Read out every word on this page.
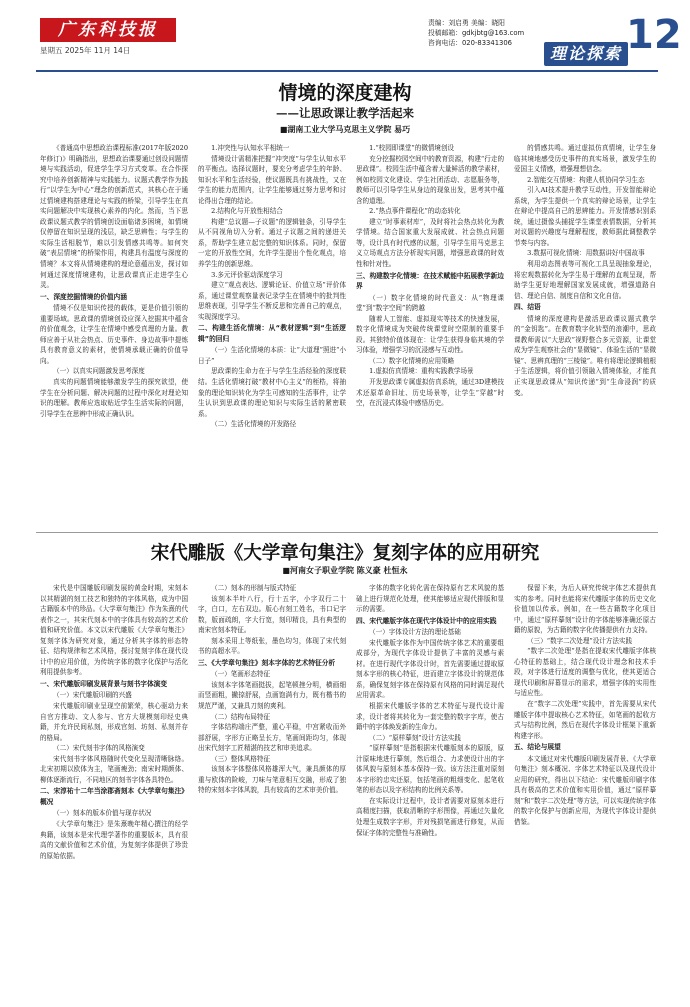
广东科技报
星期五 2025年 11月 14日
责编：刘启勇 美编：晓阳
投稿邮箱：gdkjbtg@163.com
咨询电话：020-83341306
理论探索 12
情境的深度建构
——让思政课让教学活起来
■湖南工业大学马克思主义学院 易巧

《普通高中思想政治课程标准(2017年版2020年修订)》明确指出，思想政治课要通过创设问题情境与实践活动，促进学生学习方式变革。在合作探究中培养创新精神与实践能力。议题式教学作为践行“以学生为中心”理念的创新范式，其核心在于通过情境建构搭建理论与实践的桥梁，引导学生在真实问题解决中实现核心素养的内化。然而，当下思政课议题式教学的情境创设面临诸多困境，如情境仅停留在知识呈现的浅层，缺乏思辨性；与学生的实际生活相脱节，难以引发情感共鸣等。如何突破“表层情境”的桥梁作用，构建具有温度与深度的情境？本文将从情境建构的理论意蕴出发，探讨如何通过深度情境建构，让思政课真正走进学生心灵。

一、深度挖掘情境的价值内涵

情境不仅是知识传授的载体，更是价值引领的重要场域。思政课的情境创设应深入挖掘其中蕴含的价值观念，让学生在情境中感受真理的力量。教师应善于从社会热点、历史事件、身边故事中提炼具有教育意义的素材，使情境承载正确的价值导向。

（一）以真实问题激发思考深度

真实的问题情境能够激发学生的探究欲望，使学生在分析问题、解决问题的过程中深化对理论知识的理解。教师应选取贴近学生生活实际的问题，引导学生在思辨中形成正确认识。

1.冲突性与认知水平相统一

情境设计需精准把握“冲突度”与学生认知水平的平衡点。选择议题时，要充分考虑学生的年龄、知识水平和生活经验，使议题既具有挑战性，又在学生的能力范围内，让学生能够通过努力思考和讨论得出合理的结论。

2.结构化与开放性相结合

构建“总议题—子议题”的逻辑链条，引导学生从不同视角切入分析。通过子议题之间的递进关系，帮助学生建立起完整的知识体系。同时，保留一定的开放性空间，允许学生提出个性化观点，培养学生的创新思维。

3.多元评价驱动深度学习

建立“观点表达、逻辑论证、价值立场”评价体系，通过课堂观察量表记录学生在情境中的批判性思维表现，引导学生不断反思和完善自己的观点，实现深度学习。

二、构建生活化情境：从“教材逻辑”到“生活逻辑”的回归

（一）生活化情境的本质：让“大道理”照进“小日子”

思政课的生命力在于与学生生活经验的深度联结。生活化情境打破“教材中心主义”的桎梏，将抽象的理论知识转化为学生可感知的生活事件，让学生认识到思政课的理论知识与实际生活的紧密联系。

（二）生活化情境的开发路径

1.“校园即课堂”的微情境创设

充分挖掘校园空间中的教育资源，构建“行走的思政课”。校园生活中蕴含着大量鲜活的教学素材，例如校园文化建设、学生社团活动、志愿服务等，教师可以引导学生从身边的现象出发，思考其中蕴含的道理。

2.“热点事件课程化”的动态转化

建立“时事素材库”，及时将社会热点转化为教学情境。结合国家重大发展成就、社会热点问题等，设计具有时代感的议题，引导学生用马克思主义立场观点方法分析现实问题，增强思政课的时效性和针对性。

三、构建数字化情境：在技术赋能中拓展教学新边界

（一）数字化情境的时代意义：从“物理课堂”到“数字空间”的跨越

随着人工智能、虚拟现实等技术的快速发展，数字化情境成为突破传统课堂时空限制的重要手段。其独特价值体现在：让学生获得身临其境的学习体验，增强学习的沉浸感与互动性。

（二）数字化情境的应用策略

1.虚拟仿真情境：重构实践教学场景

开发思政课专属虚拟仿真系统，通过3D建模技术还原革命旧址、历史场景等，让学生“穿越”时空，在沉浸式体验中感悟历史。

的情感共鸣。通过虚拟仿真情境，让学生身临其境地感受历史事件的真实场景，激发学生的爱国主义情感，增强理想信念。

2.智能交互情境：构建人机协同学习生态

引入AI技术提升教学互动性，开发智能辩论系统，为学生提供一个真实的辩论场景，让学生在辩论中提高自己的思辨能力。开发情感识别系统，通过摄像头捕捉学生课堂表情数据，分析其对议题的兴趣度与理解程度，教师据此调整教学节奏与内容。

3.数据可视化情境：用数据讲好中国故事

利用动态图表等可视化工具呈现抽象理论，将宏观数据转化为学生易于理解的直观呈现，帮助学生更好地理解国家发展成就，增强道路自信、理论自信、制度自信和文化自信。

四、结语

情境的深度建构是激活思政课议题式教学的“金钥匙”。在教育数字化转型的浪潮中，思政课教师需以“大思政”视野整合多元资源，让课堂成为学生观察社会的“显微镜”、体验生活的“显微镜”、思辨真理的“三棱镜”。唯有将理论逻辑植根于生活逻辑，将价值引领融入情境体验，才能真正实现思政课从“知识传递”到“生命浸润”的质变。

宋代雕版《大学章句集注》复刻字体的应用研究
■河南女子职业学院 陈义豪 杜恒永

宋代是中国雕版印刷发展的黄金时期，宋刻本以其精湛的刻工技艺和独特的字体风格，成为中国古籍版本中的珍品。《大学章句集注》作为朱熹的代表作之一，其宋代刻本中的字体具有较高的艺术价值和研究价值。本文以宋代雕版《大学章句集注》复刻字体为研究对象，通过分析其字体的形态特征、结构规律和艺术风格，探讨复刻字体在现代设计中的应用价值，为传统字体的数字化保护与活化利用提供参考。

一、宋代雕版印刷发展背景与刻书字体演变

（一）宋代雕版印刷的兴盛

宋代雕版印刷业呈现空前繁荣，核心驱动力来自官方推动、文人参与、官方大规模刻印经史典籍，并允许民间私刻，形成官刻、坊刻、私刻并存的格局。

（二）宋代刻书字体的风格演变

宋代刻书字体风格随时代变化呈现清晰脉络。北宋初期以欧体为主，笔画瘦劲；南宋时期颜体、柳体逐渐流行，不同地区的刻书字体各具特色。

二、宋淳祐十二年当涂郡斋刻本《大学章句集注》概况

（一）刻本的版本价值与现存状况

《大学章句集注》是朱熹晚年精心撰注的经学典籍，该刻本是宋代理学著作的重要版本，具有很高的文献价值和艺术价值，为复刻字体提供了珍贵的原始依据。

（二）刻本的形制与版式特征

该刻本半叶八行，行十五字，小字双行二十字，白口，左右双边。版心有刻工姓名，书口记字数，版面疏朗，字大行宽，刻印精良，具有典型的南宋官刻本特征。

刻本采用上等纸张，墨色均匀，体现了宋代刻书的高超水平。

三、《大学章句集注》刻本字体的艺术特征分析

（一）笔画形态特征

该刻本字体笔画挺拔，起笔顿挫分明，横画细而竖画粗，撇捺舒展，点画饱满有力，既有楷书的规范严谨，又兼具刀刻的爽利。

（二）结构布局特征

字体结构端庄严整，重心平稳，中宫紧收而外部舒展，字形方正略呈长方，笔画间距均匀，体现出宋代刻字工匠精湛的技艺和审美追求。

（三）整体风格特征

该刻本字体整体风格雄浑大气，兼具颜体的厚重与欧体的险峻，刀味与笔意相互交融，形成了独特的宋刻本字体风貌，具有较高的艺术审美价值。

字体的数字化转化需在保持原有艺术风貌的基础上进行规范化处理，使其能够适应现代排版和显示的需要。

四、宋代雕版字体在现代字体设计中的应用实践

（一）字体设计方法的理论基础

宋代雕版字体作为中国传统字体艺术的重要组成部分，为现代字体设计提供了丰富的灵感与素材。在进行现代字体设计时，首先需要通过提取原刻本字形的核心特征，进而建立字体设计的规范体系，确保复刻字体在保持原有风格的同时满足现代应用需求。

根据宋代雕版字体的艺术特征与现代设计需求，设计者将其转化为一套完整的数字字库，使古籍中的字体焕发新的生命力。

（二）“原样摹刻”设计方法实践

“原样摹刻”是指根据宋代雕版刻本的原版，原汁原味地进行摹刻，然后组合、力求使设计出的字体风貌与原刻本基本保持一致。该方法注重对原刻本字形的忠实还原，包括笔画的粗细变化、起笔收笔的形态以及字形结构的比例关系等。

在实际设计过程中，设计者需要对原刻本进行高精度扫描，获取清晰的字形图像，再通过矢量化处理生成数字字形，并对残损笔画进行修复，从而保证字体的完整性与准确性。

保留下来，为后人研究传统字体艺术提供真实的参考。同时也能将宋代雕版字体的历史文化价值加以传承。例如，在一些古籍数字化项目中，通过“原样摹刻”设计的字体能够准确还原古籍的原貌，为古籍的数字化传播提供有力支持。

（三）“数字二次处理”设计方法实践

“数字二次处理”是指在提取宋代雕版字体核心特征的基础上，结合现代设计理念和技术手段，对字体进行适度的调整与优化，使其更适合现代印刷和屏幕显示的需求，增强字体的实用性与适应性。

在“数字二次处理”实践中，首先需要从宋代雕版字体中提取核心艺术特征，如笔画的起收方式与结构比例，然后在现代字体设计框架下重新构建字形。

五、结论与展望

本文通过对宋代雕版印刷发展背景、《大学章句集注》刻本概况、字体艺术特征以及现代设计应用的研究，得出以下结论：宋代雕版印刷字体具有极高的艺术价值和实用价值，通过“原样摹刻”和“数字二次处理”等方法，可以实现传统字体的数字化保护与创新应用，为现代字体设计提供借鉴。
